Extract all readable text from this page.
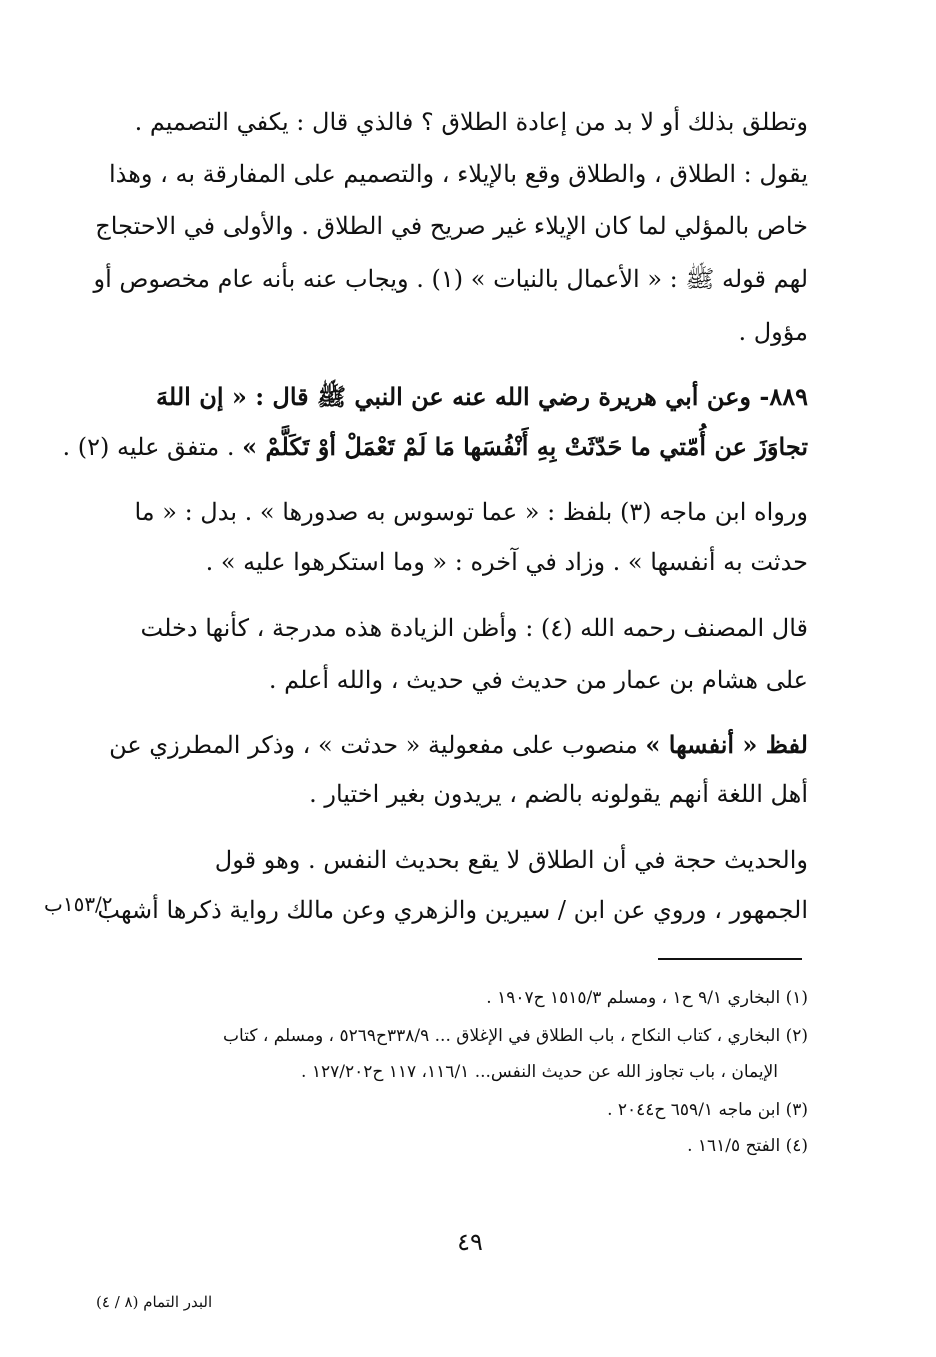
وتطلق بذلك أو لا بد من إعادة الطلاق ؟ فالذي قال : يكفي التصميم .
يقول : الطلاق ، والطلاق وقع بالإيلاء ، والتصميم على المفارقة به ، وهذا
خاص بالمؤلي لما كان الإيلاء غير صريح في الطلاق . والأولى في الاحتجاج
لهم قوله ﷺ : « الأعمال بالنيات » (١) . ويجاب عنه بأنه عام مخصوص أو
مؤول .
٨٨٩- وعن أبي هريرة رضي الله عنه عن النبي ﷺ قال : « إن اللهَ
تجاوَزَ عن أُمّتي ما حَدّثَتْ بِهِ أَنْفُسَها مَا لَمْ تَعْمَلْ أوْ تَكَلَّمْ » . متفق عليه (٢) .
ورواه ابن ماجه (٣) بلفظ : « عما توسوس به صدورها » . بدل : « ما
حدثت به أنفسها » . وزاد في آخره : « وما استكرهوا عليه » .
قال المصنف رحمه الله (٤) : وأظن الزيادة هذه مدرجة ، كأنها دخلت
على هشام بن عمار من حديث في حديث ، والله أعلم .
لفظ « أنفسها » منصوب على مفعولية « حدثت » ، وذكر المطرزي عن
أهل اللغة أنهم يقولونه بالضم ، يريدون بغير اختيار .
والحديث حجة في أن الطلاق لا يقع بحديث النفس . وهو قول
الجمهور ، وروي عن ابن / سيرين والزهري وعن مالك رواية ذكرها أشهب
١٥٣/٢ب
(١) البخاري ٩/١ ح١ ، ومسلم ١٥١٥/٣ ح١٩٠٧ .
(٢) البخاري ، كتاب النكاح ، باب الطلاق في الإغلاق ... ٣٣٨/٩ح٥٢٦٩ ، ومسلم ، كتاب
الإيمان ، باب تجاوز الله عن حديث النفس... ١١٦/١، ١١٧ ح١٢٧/٢٠٢ .
(٣) ابن ماجه ٦٥٩/١ ح٢٠٤٤ .
(٤) الفتح ١٦١/٥ .
٤٩
البدر التمام (٨ / ٤)
